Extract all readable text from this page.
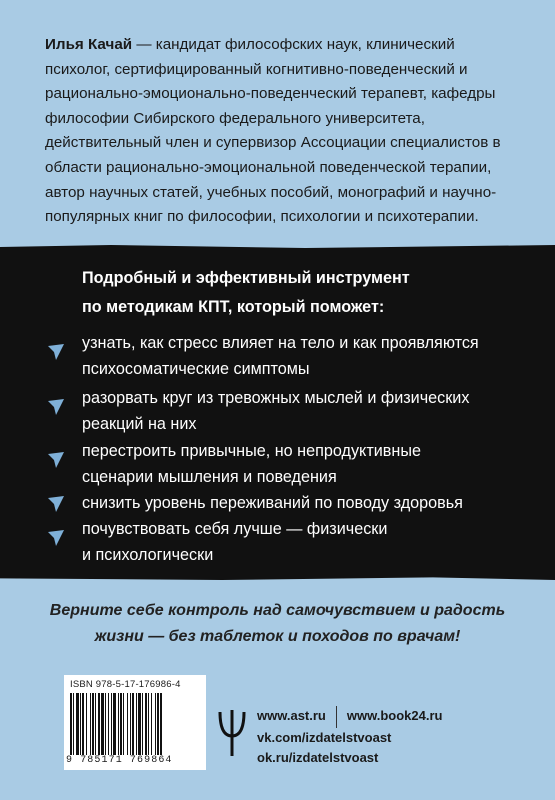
Илья Качай — кандидат философских наук, клинический психолог, сертифицированный когнитивно-поведенческий и рационально-эмоционально-поведенческий терапевт, кафедры философии Сибирского федерального университета, действительный член и супервизор Ассоциации специалистов в области рационально-эмоциональной поведенческой терапии, автор научных статей, учебных пособий, монографий и научно-популярных книг по философии, психологии и психотерапии.
Подробный и эффективный инструмент
по методикам КПТ, который поможет:
узнать, как стресс влияет на тело и как проявляются
психосоматические симптомы
разорвать круг из тревожных мыслей и физических
реакций на них
перестроить привычные, но непродуктивные
сценарии мышления и поведения
снизить уровень переживаний по поводу здоровья
почувствовать себя лучше — физически
и психологически
Верните себе контроль над самочувствием и радость
жизни — без таблеток и походов по врачам!
ISBN 978-5-17-176986-4
9 785171 769864
www.ast.ru www.book24.ru
vk.com/izdatelstvoast
ok.ru/izdatelstvoast
